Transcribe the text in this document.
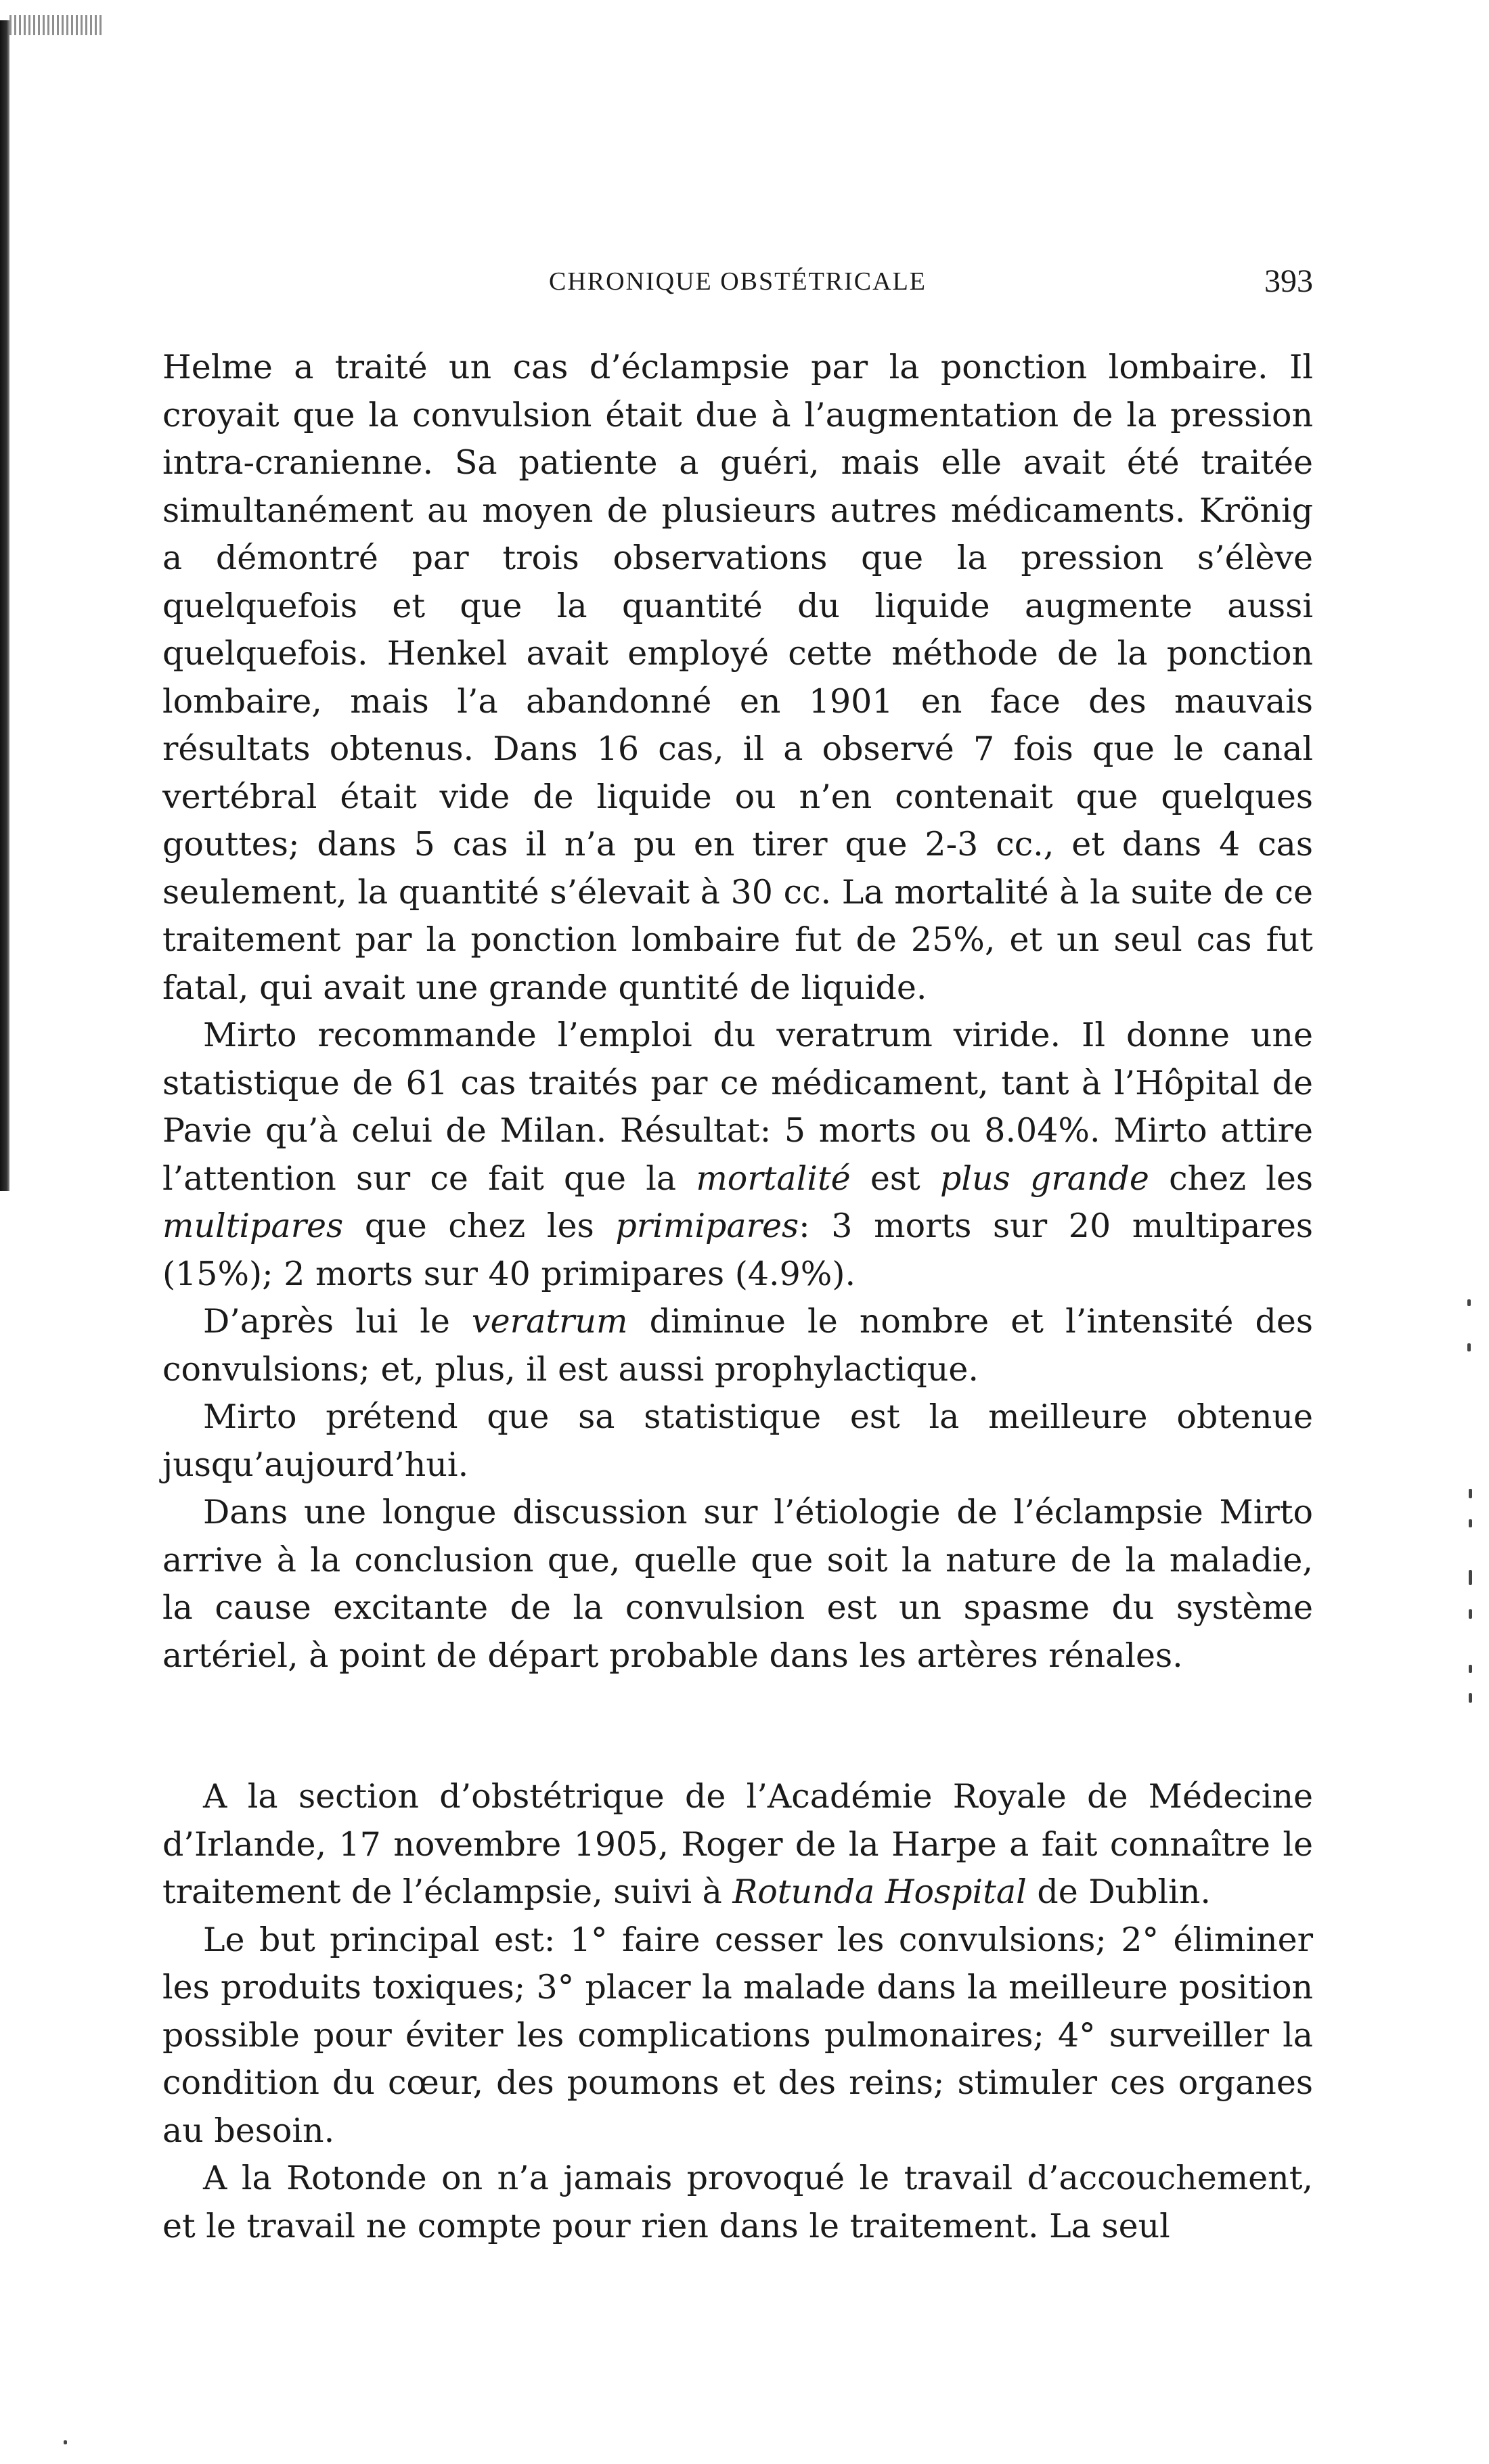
CHRONIQUE OBSTÉTRICALE	393

Helme a traité un cas d’éclampsie par la ponction lombaire. Il croyait que la convulsion était due à l’augmentation de la pression intra-cranienne. Sa patiente a guéri, mais elle avait été traitée simultanément au moyen de plusieurs autres médicaments. Krönig a démontré par trois observations que la pression s’élève quelquefois et que la quantité du liquide augmente aussi quelquefois. Henkel avait employé cette méthode de la ponction lombaire, mais l’a abandonné en 1901 en face des mauvais résultats obtenus. Dans 16 cas, il a observé 7 fois que le canal vertébral était vide de liquide ou n’en contenait que quelques gouttes; dans 5 cas il n’a pu en tirer que 2-3 cc., et dans 4 cas seulement, la quantité s’élevait à 30 cc. La mortalité à la suite de ce traitement par la ponction lombaire fut de 25%, et un seul cas fut fatal, qui avait une grande quntité de liquide.

Mirto recommande l’emploi du veratrum viride. Il donne une statistique de 61 cas traités par ce médicament, tant à l’Hôpital de Pavie qu’à celui de Milan. Résultat: 5 morts ou 8.04%. Mirto attire l’attention sur ce fait que la mortalité est plus grande chez les multipares que chez les primipares: 3 morts sur 20 multipares (15%); 2 morts sur 40 primipares (4.9%).

D’après lui le veratrum diminue le nombre et l’intensité des convulsions; et, plus, il est aussi prophylactique.

Mirto prétend que sa statistique est la meilleure obtenue jusqu’aujourd’hui.

Dans une longue discussion sur l’étiologie de l’éclampsie Mirto arrive à la conclusion que, quelle que soit la nature de la maladie, la cause excitante de la convulsion est un spasme du système artériel, à point de départ probable dans les artères rénales.

A la section d’obstétrique de l’Académie Royale de Médecine d’Irlande, 17 novembre 1905, Roger de la Harpe a fait connaître le traitement de l’éclampsie, suivi à Rotunda Hospital de Dublin.

Le but principal est: 1° faire cesser les convulsions; 2° éliminer les produits toxiques; 3° placer la malade dans la meilleure position possible pour éviter les complications pulmonaires; 4° surveiller la condition du cœur, des poumons et des reins; stimuler ces organes au besoin.

A la Rotonde on n’a jamais provoqué le travail d’accouchement, et le travail ne compte pour rien dans le traitement. La seul
